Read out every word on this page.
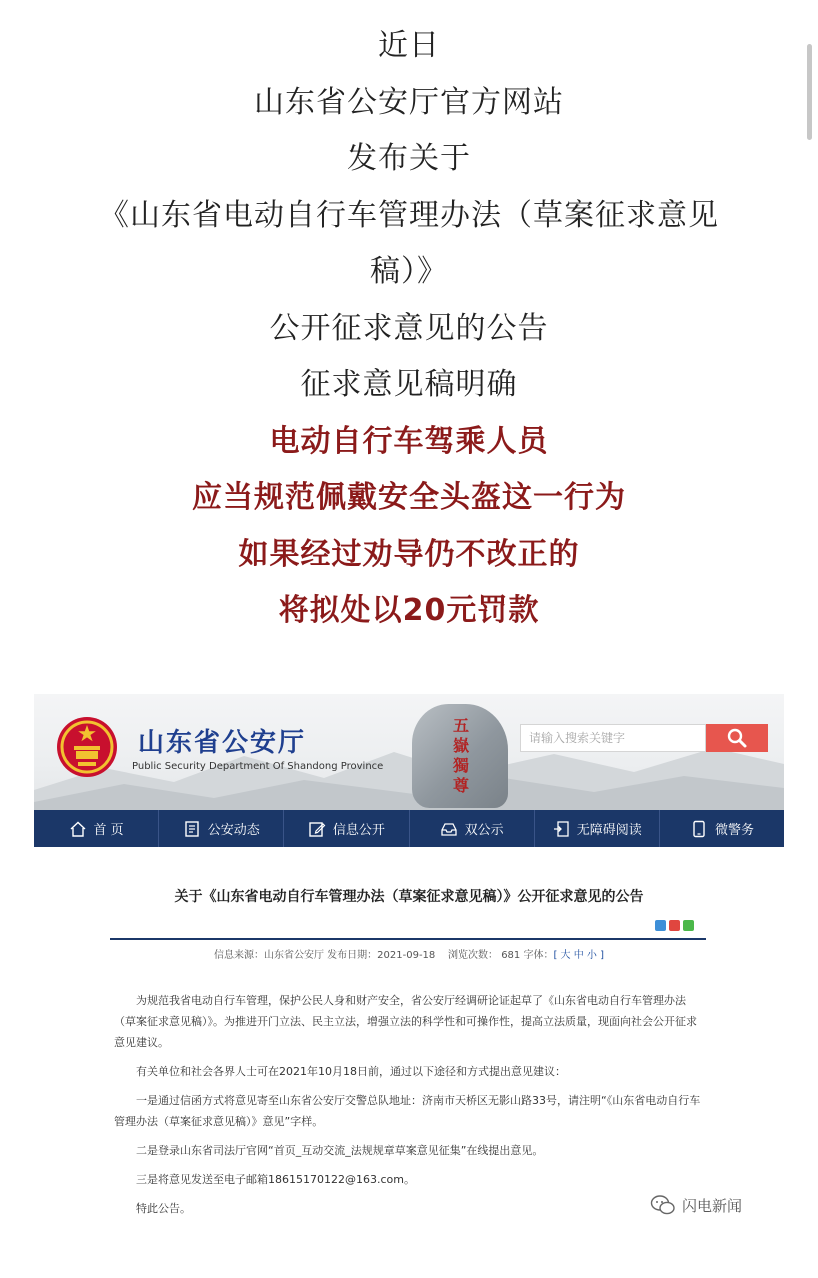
近日
山东省公安厅官方网站
发布关于
《山东省电动自行车管理办法（草案征求意见
稿）》
公开征求意见的公告
征求意见稿明确
电动自行车驾乘人员
应当规范佩戴安全头盔这一行为
如果经过劝导仍不改正的
将拟处以20元罚款
山东省公安厅
Public Security Department Of Shandong Province
五嶽獨尊
请输入搜索关键字
首 页	公安动态	信息公开	双公示	无障碍阅读	微警务
关于《山东省电动自行车管理办法（草案征求意见稿）》公开征求意见的公告
信息来源：山东省公安厅 发布日期：2021-09-18 浏览次数： 681 字体：[ 大 中 小 ]

为规范我省电动自行车管理，保护公民人身和财产安全，省公安厅经调研论证起草了《山东省电动自行车管理办法（草案征求意见稿）》。为推进开门立法、民主立法，增强立法的科学性和可操作性，提高立法质量，现面向社会公开征求意见建议。

有关单位和社会各界人士可在2021年10月18日前，通过以下途径和方式提出意见建议：

一是通过信函方式将意见寄至山东省公安厅交警总队地址：济南市天桥区无影山路33号，请注明“《山东省电动自行车管理办法（草案征求意见稿）》意见”字样。

二是登录山东省司法厅官网“首页_互动交流_法规规章草案意见征集”在线提出意见。

三是将意见发送至电子邮箱18615170122@163.com。

特此公告。	闪电新闻
